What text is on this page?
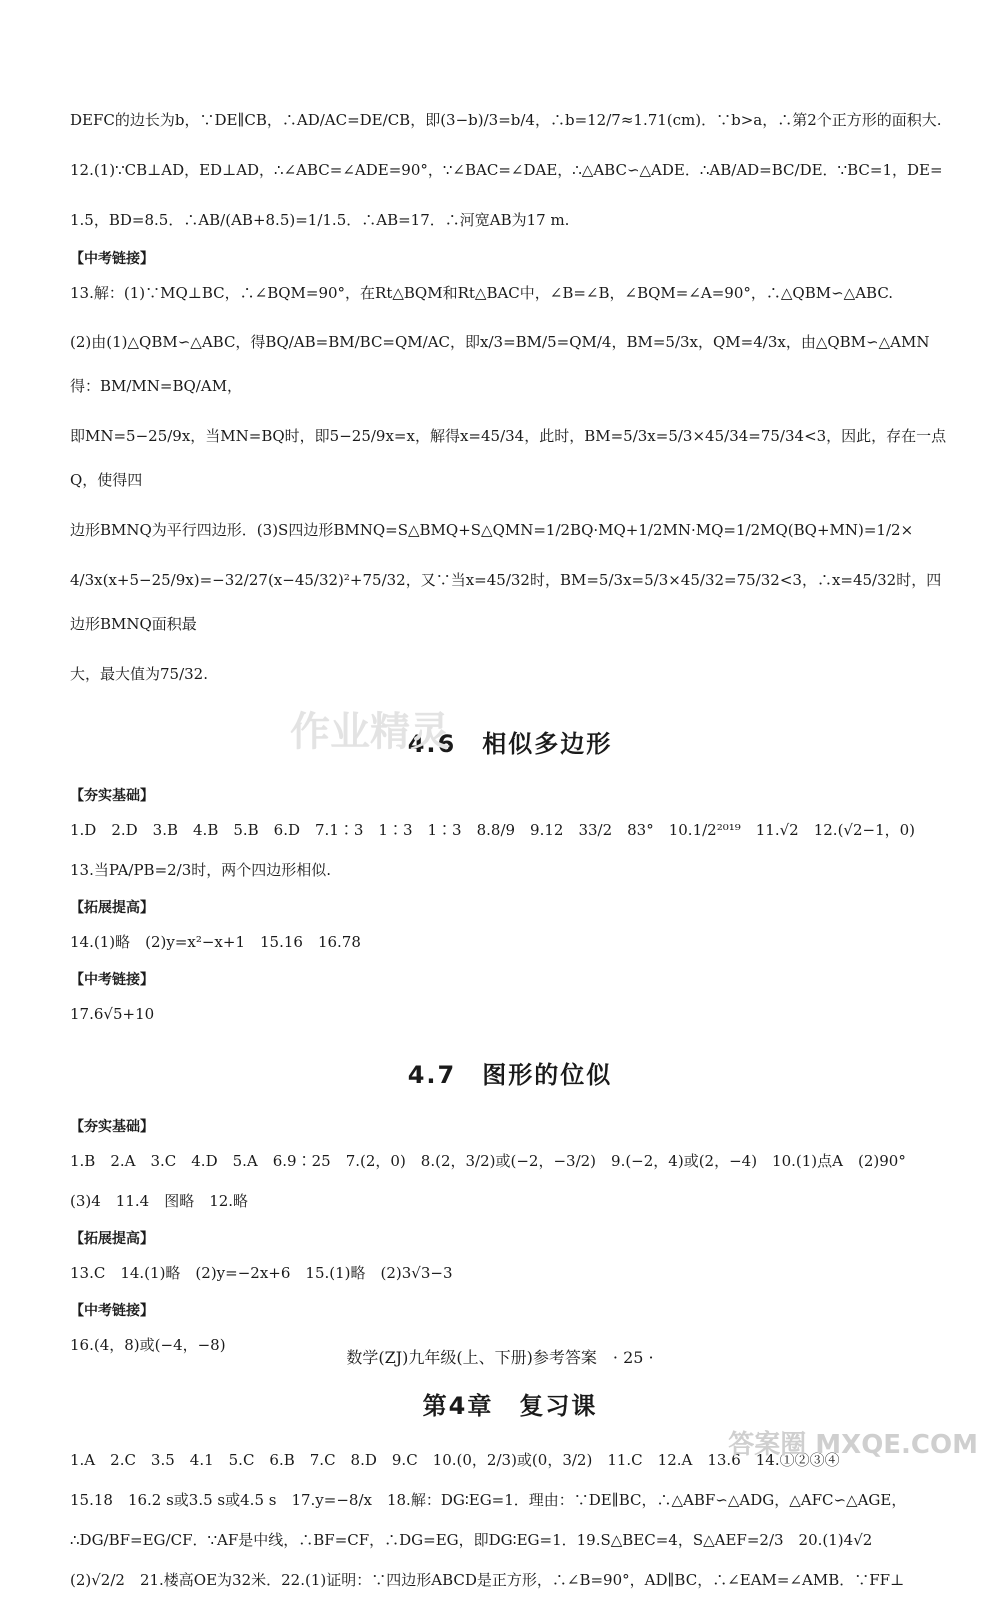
DEFC的边长为b，∵DE∥CB，∴AD/AC=DE/CB，即(3−b)/3=b/4，∴b=12/7≈1.71(cm)．∵b>a，∴第2个正方形的面积大.

12.(1)∵CB⊥AD，ED⊥AD，∴∠ABC=∠ADE=90°，∵∠BAC=∠DAE，∴△ABC∽△ADE．∴AB/AD=BC/DE．∵BC=1，DE=

1.5，BD=8.5．∴AB/(AB+8.5)=1/1.5．∴AB=17．∴河宽AB为17 m.

【中考链接】

13.解：(1)∵MQ⊥BC，∴∠BQM=90°，在Rt△BQM和Rt△BAC中，∠B=∠B，∠BQM=∠A=90°，∴△QBM∽△ABC.

(2)由(1)△QBM∽△ABC，得BQ/AB=BM/BC=QM/AC，即x/3=BM/5=QM/4，BM=5/3x，QM=4/3x，由△QBM∽△AMN得：BM/MN=BQ/AM，

即MN=5−25/9x，当MN=BQ时，即5−25/9x=x，解得x=45/34，此时，BM=5/3x=5/3×45/34=75/34<3，因此，存在一点Q，使得四

边形BMNQ为平行四边形．(3)S四边形BMNQ=S△BMQ+S△QMN=1/2BQ·MQ+1/2MN·MQ=1/2MQ(BQ+MN)=1/2×

4/3x(x+5−25/9x)=−32/27(x−45/32)²+75/32，又∵当x=45/32时，BM=5/3x=5/3×45/32=75/32<3，∴x=45/32时，四边形BMNQ面积最

大，最大值为75/32.

4.6　相似多边形
【夯实基础】

1.D　2.D　3.B　4.B　5.B　6.D　7.1∶3　1∶3　1∶3　8.8/9　9.12　33/2　83°　10.1/2²⁰¹⁹　11.√2　12.(√2−1，0)

13.当PA/PB=2/3时，两个四边形相似.

【拓展提高】

14.(1)略　(2)y=x²−x+1　15.16　16.78

【中考链接】

17.6√5+10

4.7　图形的位似
【夯实基础】

1.B　2.A　3.C　4.D　5.A　6.9∶25　7.(2，0)　8.(2，3/2)或(−2，−3/2)　9.(−2，4)或(2，−4)　10.(1)点A　(2)90°

(3)4　11.4　图略　12.略

【拓展提高】

13.C　14.(1)略　(2)y=−2x+6　15.(1)略　(2)3√3−3

【中考链接】

16.(4，8)或(−4，−8)

第4章　复习课

1.A　2.C　3.5　4.1　5.C　6.B　7.C　8.D　9.C　10.(0，2/3)或(0，3/2)　11.C　12.A　13.6　14.①②③④

15.18　16.2 s或3.5 s或4.5 s　17.y=−8/x　18.解：DG∶EG=1．理由：∵DE∥BC，∴△ABF∽△ADG，△AFC∽△AGE，

∴DG/BF=EG/CF．∵AF是中线，∴BF=CF，∴DG=EG，即DG∶EG=1．19.S△BEC=4，S△AEF=2/3　20.(1)4√2

(2)√2/2　21.楼高OE为32米．22.(1)证明：∵四边形ABCD是正方形，∴∠B=90°，AD∥BC，∴∠EAM=∠AMB．∵FF⊥

作业精灵
数学(ZJ)九年级(上、下册)参考答案　· 25 ·
答案圈 MXQE.COM
